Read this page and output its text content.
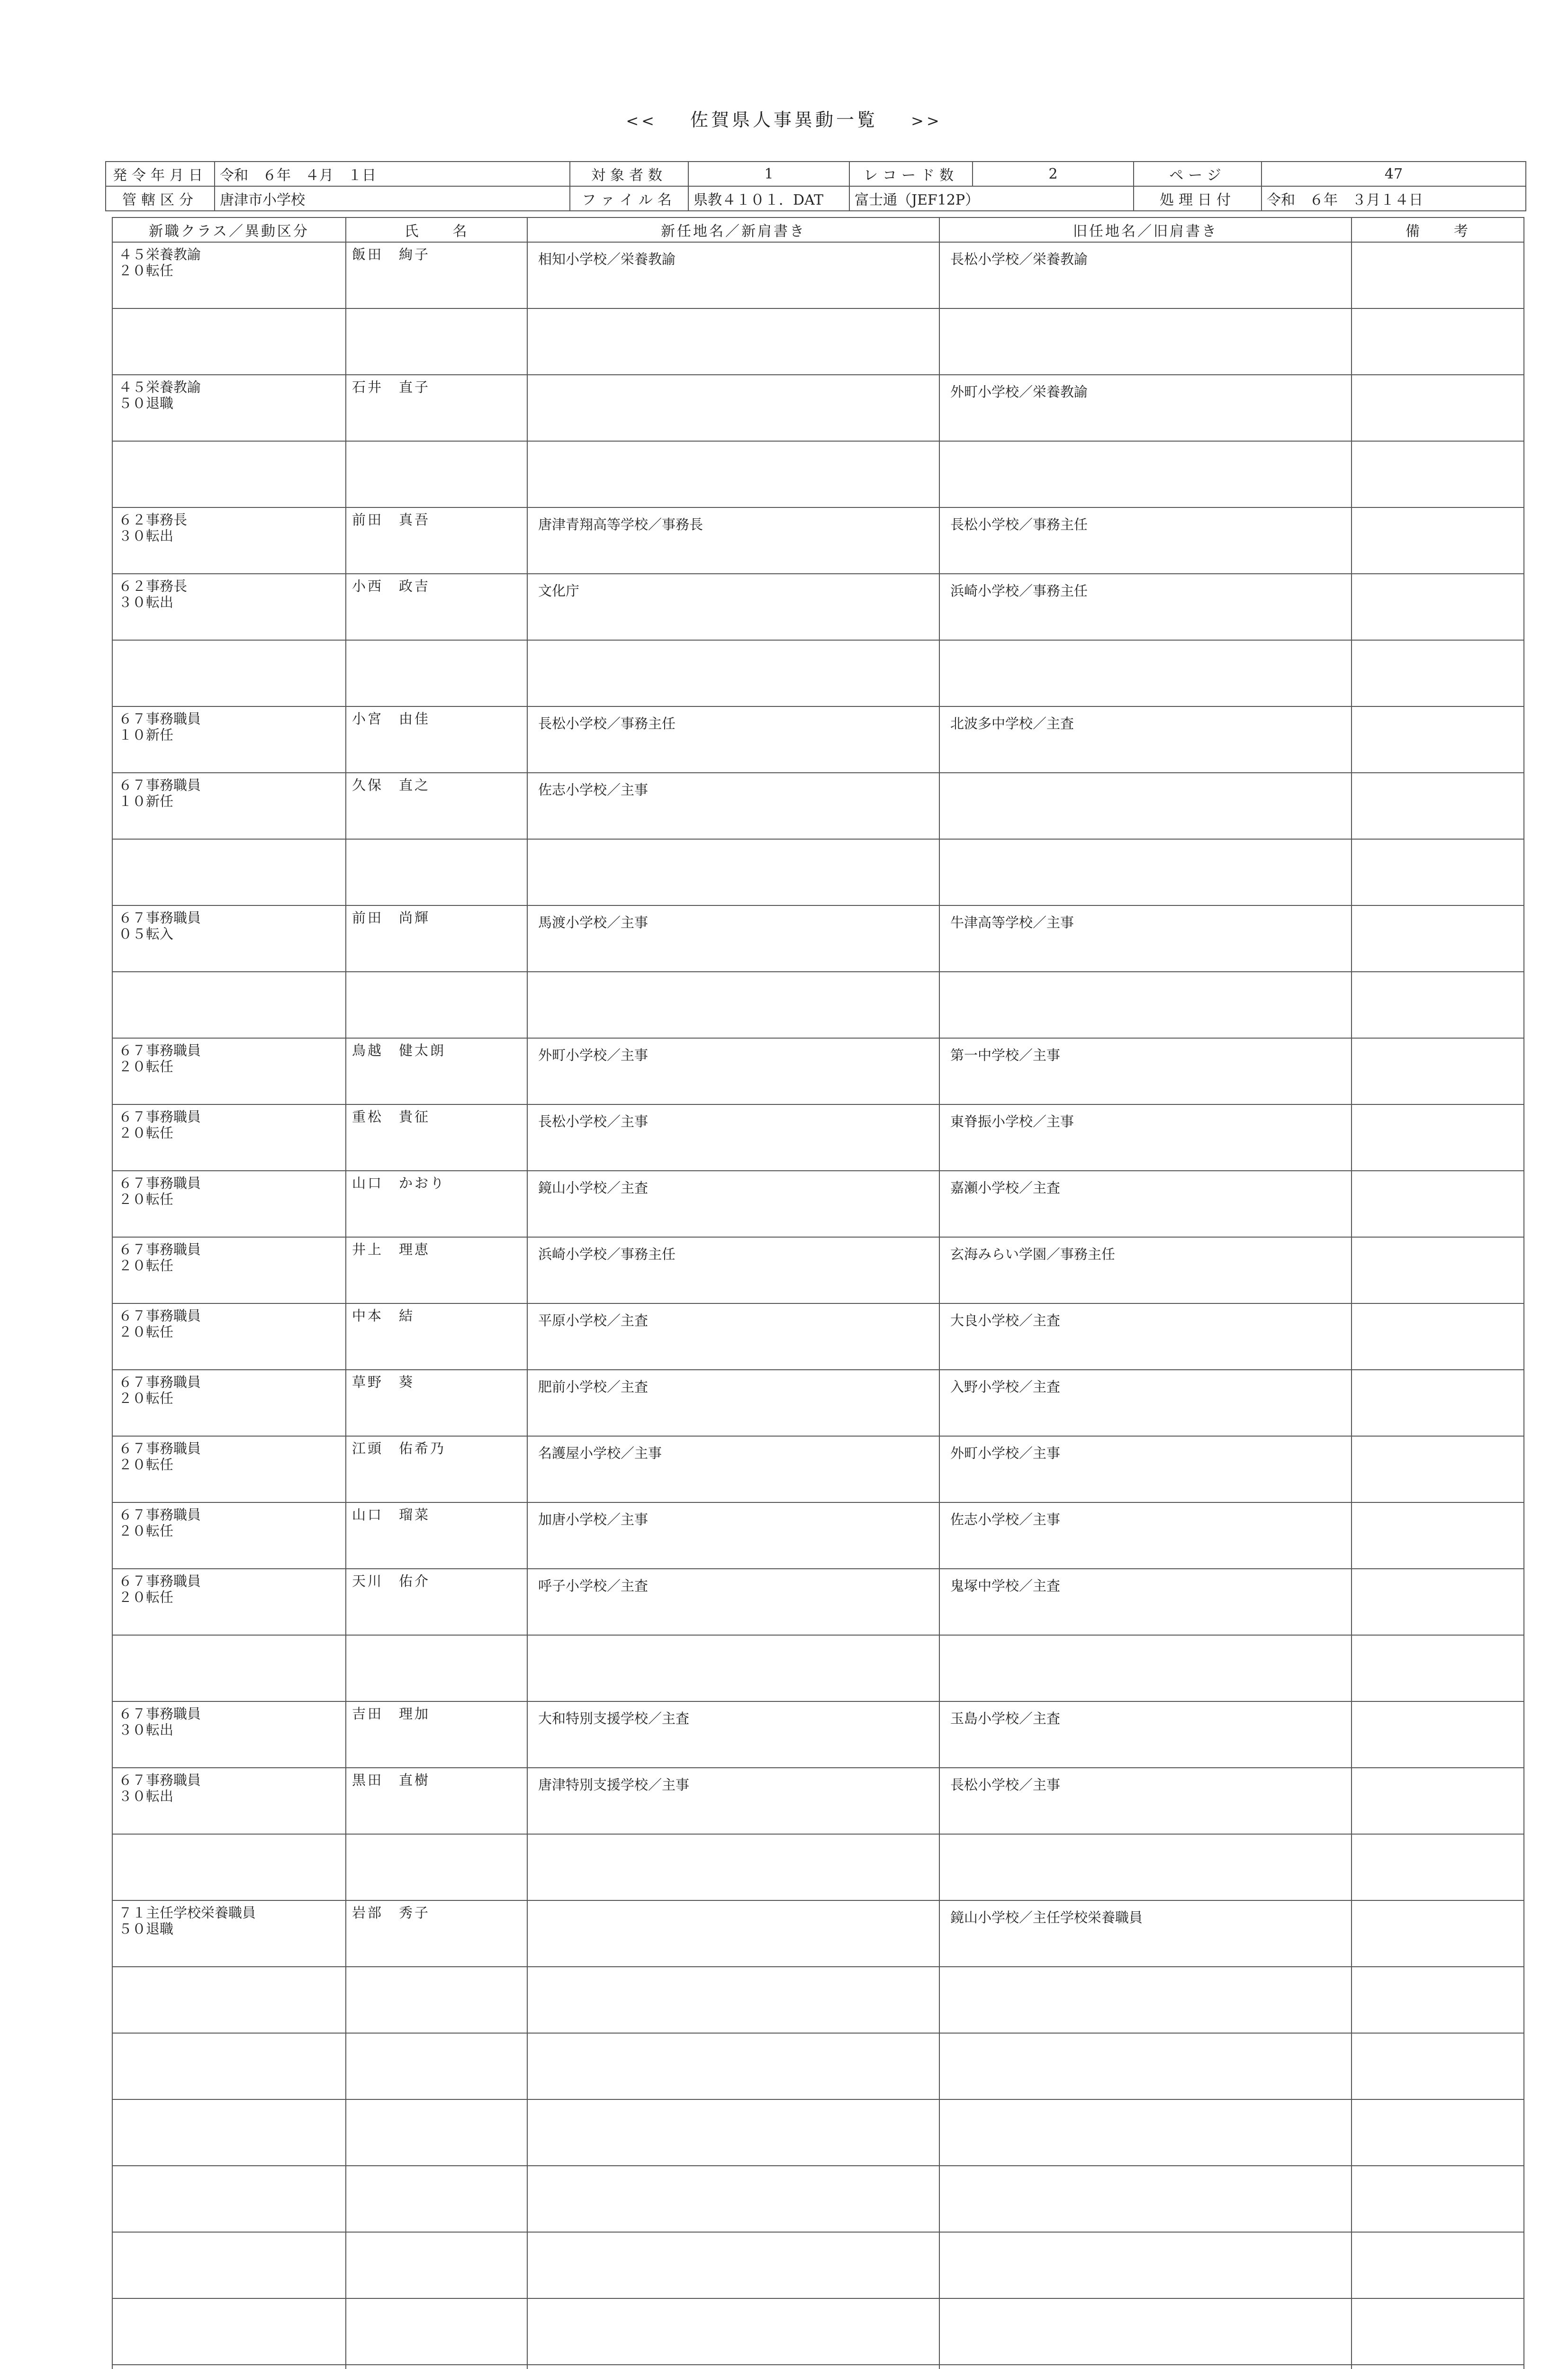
<< 佐賀県人事異動一覧 >>
発令年月日	令和　６年　４月　１日	対象者数	1	レコード数	2	ページ	47
管轄区分	唐津市小学校	ファイル名	県教４１０１．DAT	富士通（JEF12P）		処理日付	令和　６年　３月１４日
新職クラス／異動区分	氏　　名	新任地名／新肩書き	旧任地名／旧肩書き	備　　考

４５栄養教諭
２０転任	飯田　絢子	相知小学校／栄養教諭	長松小学校／栄養教諭	

４５栄養教諭
５０退職	石井　直子		外町小学校／栄養教諭	

６２事務長
３０転出	前田　真吾	唐津青翔高等学校／事務長	長松小学校／事務主任	

６２事務長
３０転出	小西　政吉	文化庁	浜崎小学校／事務主任	

６７事務職員
１０新任	小宮　由佳	長松小学校／事務主任	北波多中学校／主査	

６７事務職員
１０新任	久保　直之	佐志小学校／主事		

６７事務職員
０５転入	前田　尚輝	馬渡小学校／主事	牛津高等学校／主事	

６７事務職員
２０転任	鳥越　健太朗	外町小学校／主事	第一中学校／主事	

６７事務職員
２０転任	重松　貴征	長松小学校／主事	東脊振小学校／主事	

６７事務職員
２０転任	山口　かおり	鏡山小学校／主査	嘉瀬小学校／主査	

６７事務職員
２０転任	井上　理恵	浜崎小学校／事務主任	玄海みらい学園／事務主任	

６７事務職員
２０転任	中本　結	平原小学校／主査	大良小学校／主査	

６７事務職員
２０転任	草野　葵	肥前小学校／主査	入野小学校／主査	

６７事務職員
２０転任	江頭　佑希乃	名護屋小学校／主事	外町小学校／主事	

６７事務職員
２０転任	山口　瑠菜	加唐小学校／主事	佐志小学校／主事	

６７事務職員
２０転任	天川　佑介	呼子小学校／主査	鬼塚中学校／主査	

６７事務職員
３０転出	吉田　理加	大和特別支援学校／主査	玉島小学校／主査	

６７事務職員
３０転出	黒田　直樹	唐津特別支援学校／主事	長松小学校／主事	

７１主任学校栄養職員
５０退職	岩部　秀子		鏡山小学校／主任学校栄養職員	
